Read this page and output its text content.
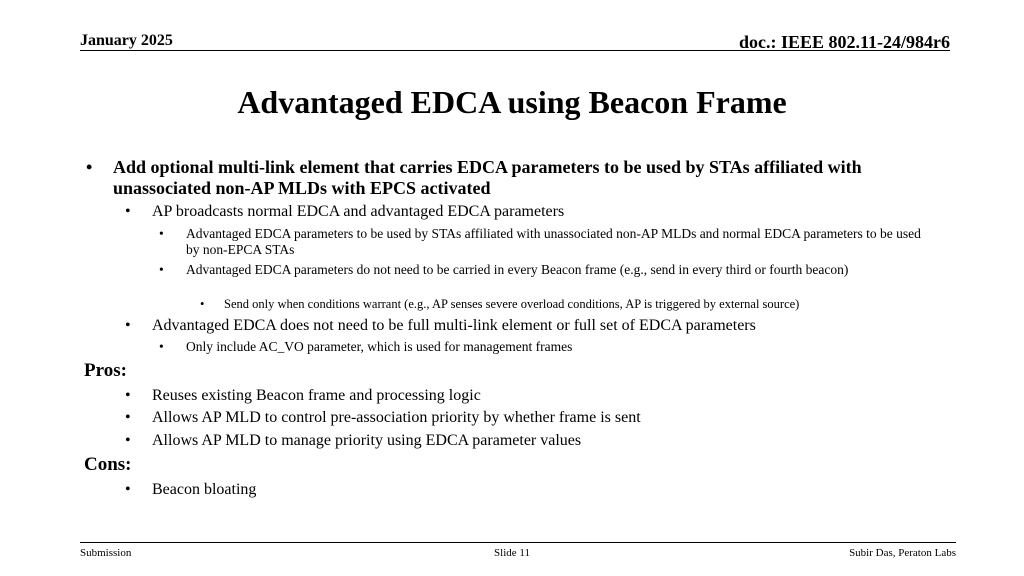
January 2025	doc.: IEEE 802.11-24/984r6
Advantaged EDCA using Beacon Frame
•	Add optional multi-link element that carries EDCA parameters to be used by STAs affiliated with unassociated non-AP MLDs with EPCS activated

•	AP broadcasts normal EDCA and advantaged EDCA parameters

•	Advantaged EDCA parameters to be used by STAs affiliated with unassociated non-AP MLDs and normal EDCA parameters to be used by non-EPCA STAs

•	Advantaged EDCA parameters do not need to be carried in every Beacon frame (e.g., send in every third or fourth beacon)

• Send only when conditions warrant (e.g., AP senses severe overload conditions, AP is triggered by external source)

•	Advantaged EDCA does not need to be full multi-link element or full set of EDCA parameters

•	Only include AC_VO parameter, which is used for management frames

Pros:
•	Reuses existing Beacon frame and processing logic

•	Allows AP MLD to control pre-association priority by whether frame is sent

•	Allows AP MLD to manage priority using EDCA parameter values

Cons:
•	Beacon bloating

Submission	Slide 11	Subir Das, Peraton Labs
